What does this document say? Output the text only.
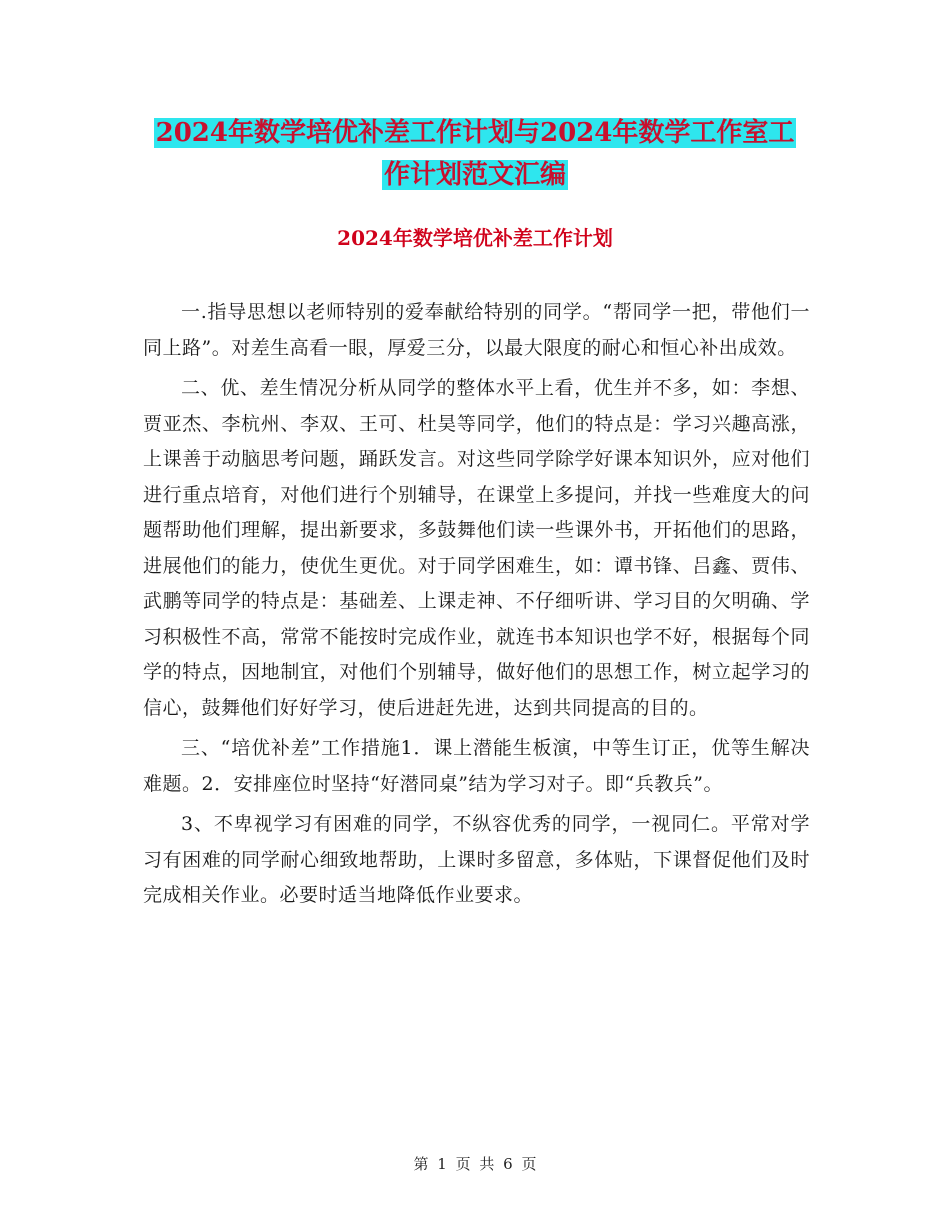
2024年数学培优补差工作计划与2024年数学工作室工
作计划范文汇编
2024年数学培优补差工作计划

一.指导思想以老师特别的爱奉献给特别的同学。“帮同学一把，带他们一同上路”。对差生高看一眼，厚爱三分，以最大限度的耐心和恒心补出成效。

二、优、差生情况分析从同学的整体水平上看，优生并不多，如：李想、贾亚杰、李杭州、李双、王可、杜昊等同学，他们的特点是：学习兴趣高涨，上课善于动脑思考问题，踊跃发言。对这些同学除学好课本知识外，应对他们进行重点培育，对他们进行个别辅导，在课堂上多提问，并找一些难度大的问题帮助他们理解，提出新要求，多鼓舞他们读一些课外书，开拓他们的思路，进展他们的能力，使优生更优。对于同学困难生，如：谭书锋、吕鑫、贾伟、武鹏等同学的特点是：基础差、上课走神、不仔细听讲、学习目的欠明确、学习积极性不高，常常不能按时完成作业，就连书本知识也学不好，根据每个同学的特点，因地制宜，对他们个别辅导，做好他们的思想工作，树立起学习的信心，鼓舞他们好好学习，使后进赶先进，达到共同提高的目的。

三、“培优补差”工作措施1．课上潜能生板演，中等生订正，优等生解决难题。2．安排座位时坚持“好潜同桌”结为学习对子。即“兵教兵”。

3、不卑视学习有困难的同学，不纵容优秀的同学，一视同仁。平常对学习有困难的同学耐心细致地帮助，上课时多留意，多体贴，下课督促他们及时完成相关作业。必要时适当地降低作业要求。

第 1 页 共 6 页
